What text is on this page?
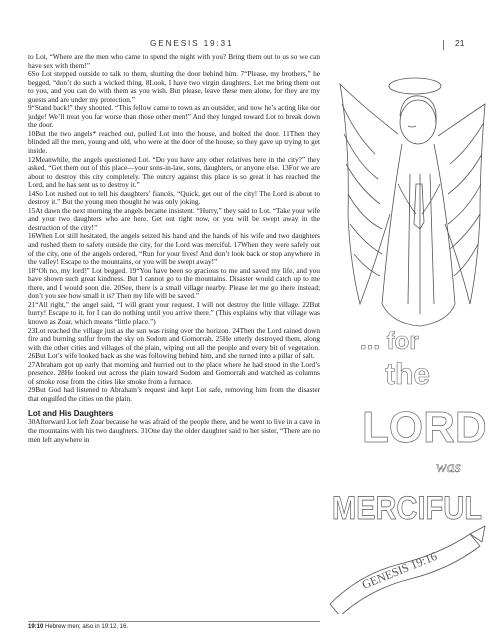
GENESIS 19:31	21

to Lot, “Where are the men who came to spend the night with you? Bring them out to us so we can have sex with them!”

6So Lot stepped outside to talk to them, shutting the door behind him. 7“Please, my brothers,” he begged, “don’t do such a wicked thing. 8Look, I have two virgin daughters. Let me bring them out to you, and you can do with them as you wish. But please, leave these men alone, for they are my guests and are under my protection.”

9“Stand back!” they shouted. “This fellow came to town as an outsider, and now he’s acting like our judge! We’ll treat you far worse than those other men!” And they lunged toward Lot to break down the door.

10But the two angels* reached out, pulled Lot into the house, and bolted the door. 11Then they blinded all the men, young and old, who were at the door of the house, so they gave up trying to get inside.

12Meanwhile, the angels questioned Lot. “Do you have any other relatives here in the city?” they asked. “Get them out of this place—your sons-in-law, sons, daughters, or anyone else. 13For we are about to destroy this city completely. The outcry against this place is so great it has reached the Lord, and he has sent us to destroy it.”

14So Lot rushed out to tell his daughters’ fiancés, “Quick, get out of the city! The Lord is about to destroy it.” But the young men thought he was only joking.

15At dawn the next morning the angels became insistent. “Hurry,” they said to Lot. “Take your wife and your two daughters who are here. Get out right now, or you will be swept away in the destruction of the city!”

16When Lot still hesitated, the angels seized his hand and the hands of his wife and two daughters and rushed them to safety outside the city, for the Lord was merciful. 17When they were safely out of the city, one of the angels ordered, “Run for your lives! And don’t look back or stop anywhere in the valley! Escape to the mountains, or you will be swept away!”

18“Oh no, my lord!” Lot begged. 19“You have been so gracious to me and saved my life, and you have shown such great kindness. But I cannot go to the mountains. Disaster would catch up to me there, and I would soon die. 20See, there is a small village nearby. Please let me go there instead; don’t you see how small it is? Then my life will be saved.”

21“All right,” the angel said, “I will grant your request. I will not destroy the little village. 22But hurry! Escape to it, for I can do nothing until you arrive there.” (This explains why that village was known as Zoar, which means “little place.”)

23Lot reached the village just as the sun was rising over the horizon. 24Then the Lord rained down fire and burning sulfur from the sky on Sodom and Gomorrah. 25He utterly destroyed them, along with the other cities and villages of the plain, wiping out all the people and every bit of vegetation. 26But Lot’s wife looked back as she was following behind him, and she turned into a pillar of salt.

27Abraham got up early that morning and hurried out to the place where he had stood in the Lord’s presence. 28He looked out across the plain toward Sodom and Gomorrah and watched as columns of smoke rose from the cities like smoke from a furnace.

29But God had listened to Abraham’s request and kept Lot safe, removing him from the disaster that engulfed the cities on the plain.

Lot and His Daughters

30Afterward Lot left Zoar because he was afraid of the people there, and he went to live in a cave in the mountains with his two daughters. 31One day the older daughter said to her sister, “There are no men left anywhere in

19:10 Hebrew men; also in 19:12, 16.
... for
the
LORD
was
MERCIFUL
GENESIS 19:16
